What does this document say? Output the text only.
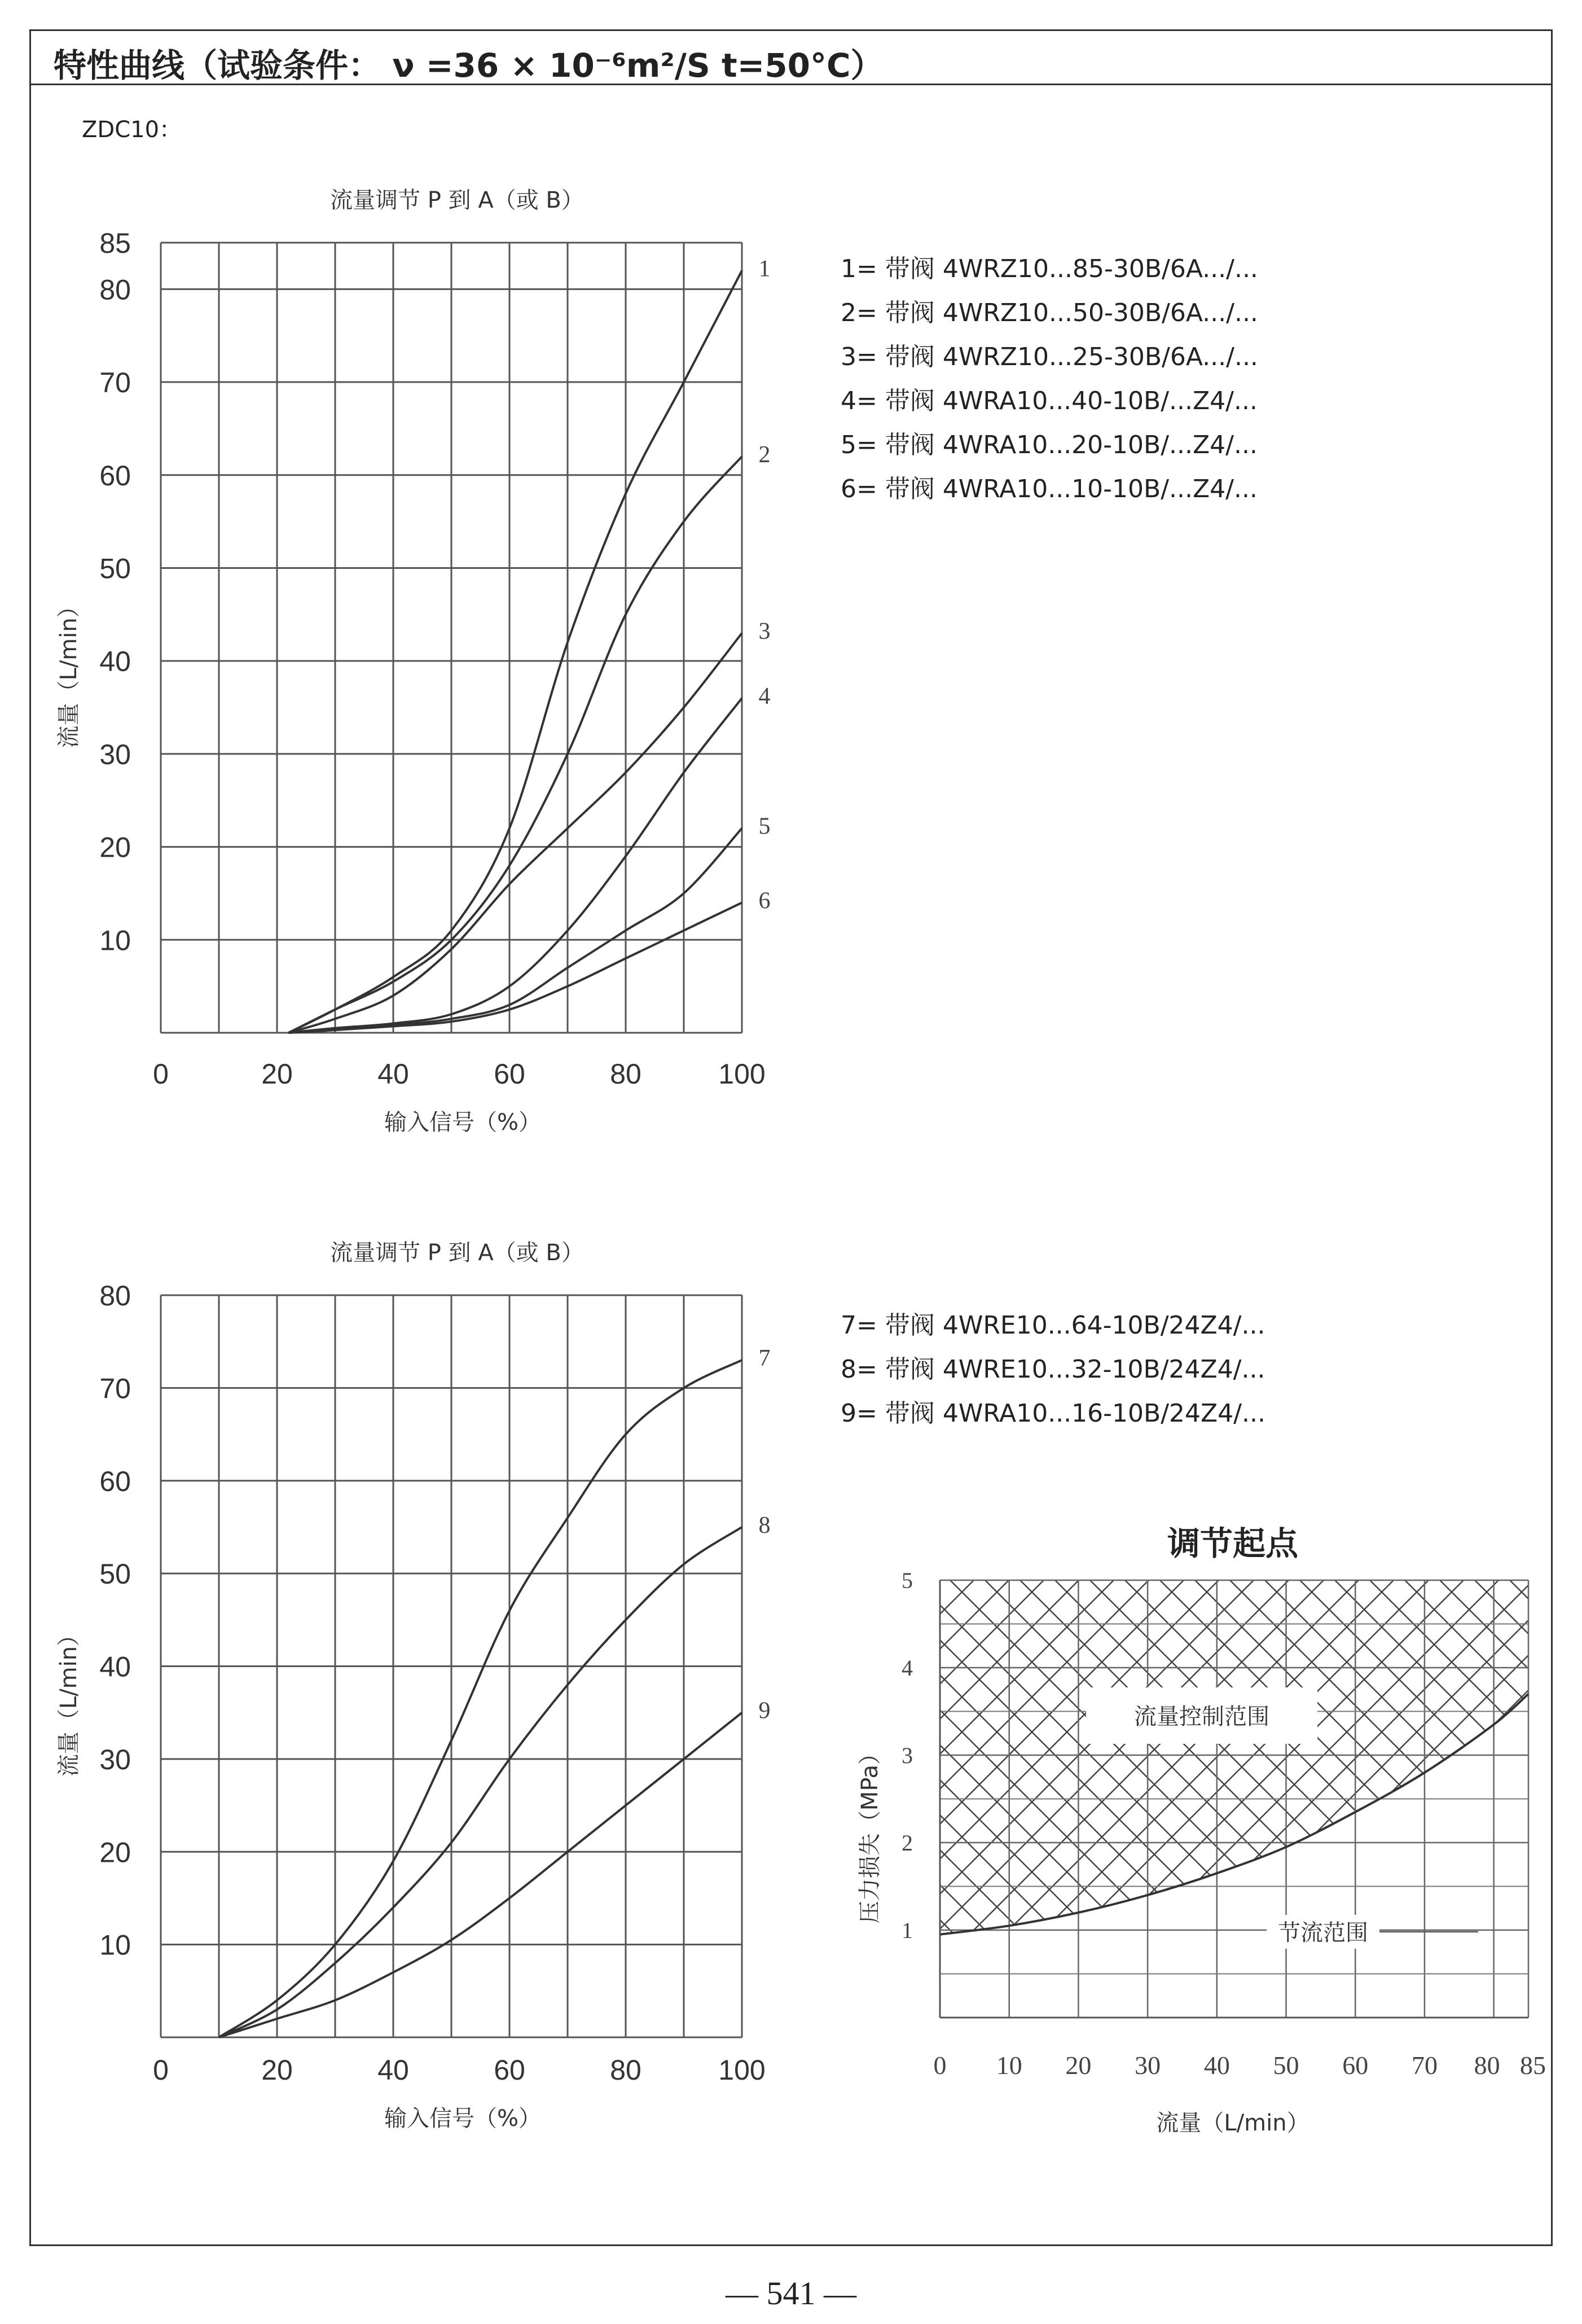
特性曲线（试验条件： ν =36 × 10⁻⁶m²/S t=50°C）
ZDC10：
1= 带阀 4WRZ10...85-30B/6A.../...
2= 带阀 4WRZ10...50-30B/6A.../...
3= 带阀 4WRZ10...25-30B/6A.../...
4= 带阀 4WRA10...40-10B/...Z4/...
5= 带阀 4WRA10...20-10B/...Z4/...
6= 带阀 4WRA10...10-10B/...Z4/...
7= 带阀 4WRE10...64-10B/24Z4/...
8= 带阀 4WRE10...32-10B/24Z4/...
9= 带阀 4WRA10...16-10B/24Z4/...
10
20
30
40
50
60
70
80
85
0	20	40	60	80	100
流量调节 P 到 A（或 B）
输入信号（%）
流量（L/min）
1
2
3
4
5
6
10
20
30
40
50
60
70
80
0	20	40	60	80	100
流量调节 P 到 A（或 B）
输入信号（%）
流量（L/min）
7
8
9
1
2
3
4
5
0 10 20 30 40 50 60 70 80 85
调节起点
流量（L/min）
压力损失（MPa）
流量控制范围
节流范围
— 541 —
